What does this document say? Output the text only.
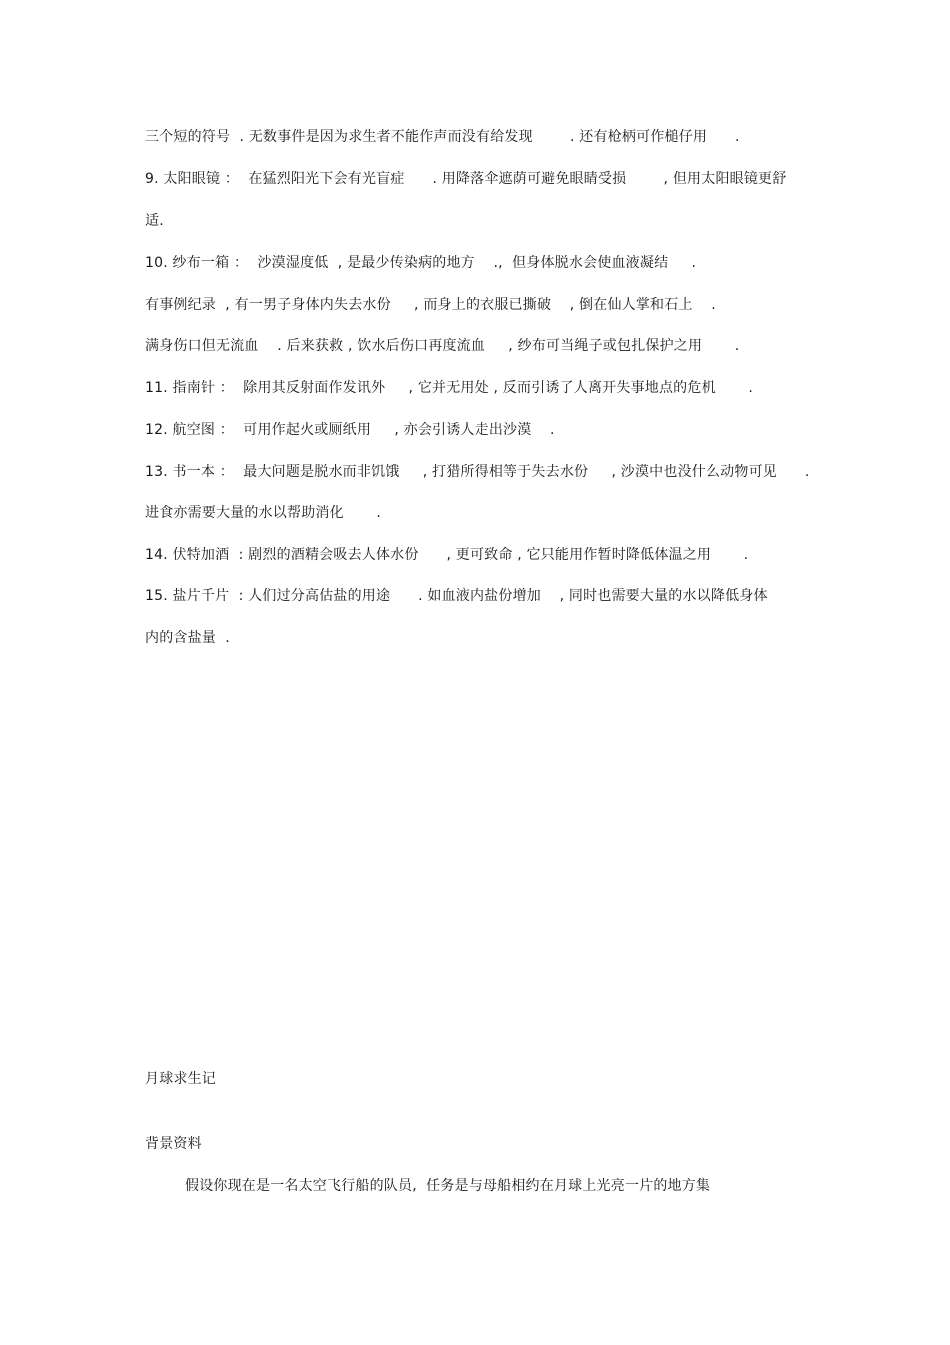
三个短的符号  . 无数事件是因为求生者不能作声而没有给发现        . 还有枪柄可作槌仔用      .
9. 太阳眼镜 ：  在猛烈阳光下会有光盲症      . 用降落伞遮荫可避免眼睛受损        , 但用太阳眼镜更舒
适.
10. 纱布一箱 ：  沙漠湿度低  , 是最少传染病的地方    .,  但身体脱水会使血液凝结     .
有事例纪录  , 有一男子身体内失去水份     , 而身上的衣服已撕破    , 倒在仙人掌和石上    .
满身伤口但无流血    . 后来获救 , 饮水后伤口再度流血     , 纱布可当绳子或包扎保护之用       .
11. 指南针 ：  除用其反射面作发讯外     , 它并无用处 , 反而引诱了人离开失事地点的危机       .
12. 航空图 ：  可用作起火或厕纸用     , 亦会引诱人走出沙漠    .
13. 书一本 ：  最大问题是脱水而非饥饿     , 打猎所得相等于失去水份     , 沙漠中也没什么动物可见      .
进食亦需要大量的水以帮助消化       .
14. 伏特加酒  : 剧烈的酒精会吸去人体水份      , 更可致命 , 它只能用作暂时降低体温之用       .
15. 盐片千片  : 人们过分高估盐的用途      . 如血液内盐份增加    , 同时也需要大量的水以降低身体
内的含盐量  .
月球求生记
背景资料
假设你现在是一名太空飞行船的队员,  任务是与母船相约在月球上光亮一片的地方集
